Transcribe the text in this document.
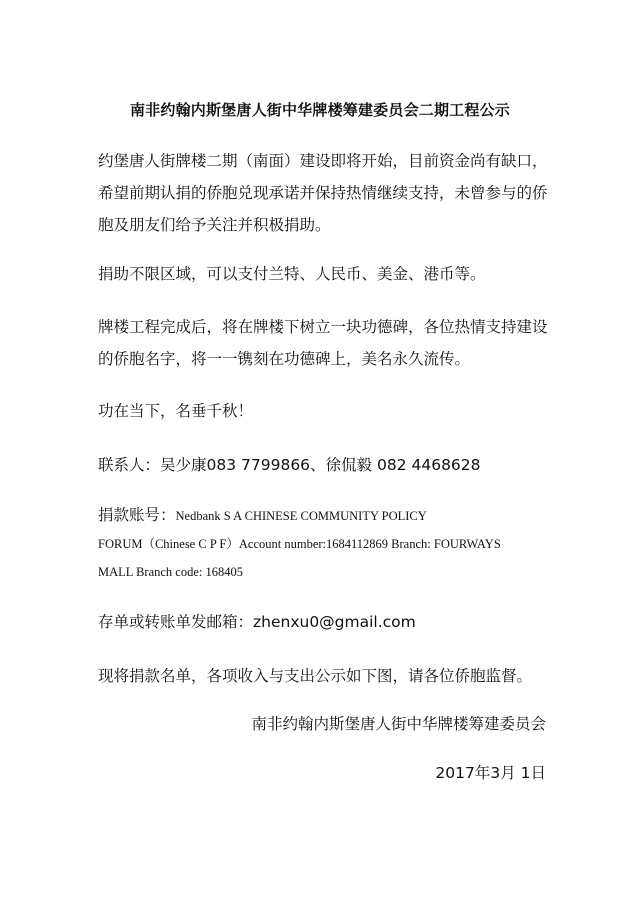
南非约翰内斯堡唐人街中华牌楼筹建委员会二期工程公示

约堡唐人街牌楼二期（南面）建设即将开始，目前资金尚有缺口，希望前期认捐的侨胞兑现承诺并保持热情继续支持，未曾参与的侨胞及朋友们给予关注并积极捐助。

捐助不限区域，可以支付兰特、人民币、美金、港币等。

牌楼工程完成后，将在牌楼下树立一块功德碑，各位热情支持建设的侨胞名字，将一一镌刻在功德碑上，美名永久流传。

功在当下，名垂千秋！

联系人：吴少康083 7799866、徐侃毅 082 4468628

捐款账号：Nedbank S A CHINESE COMMUNITY POLICY
FORUM（Chinese C P F）Account number:1684112869 Branch: FOURWAYS
MALL Branch code: 168405

存单或转账单发邮箱：zhenxu0@gmail.com

现将捐款名单，各项收入与支出公示如下图，请各位侨胞监督。

南非约翰内斯堡唐人街中华牌楼筹建委员会
2017年3月 1日
